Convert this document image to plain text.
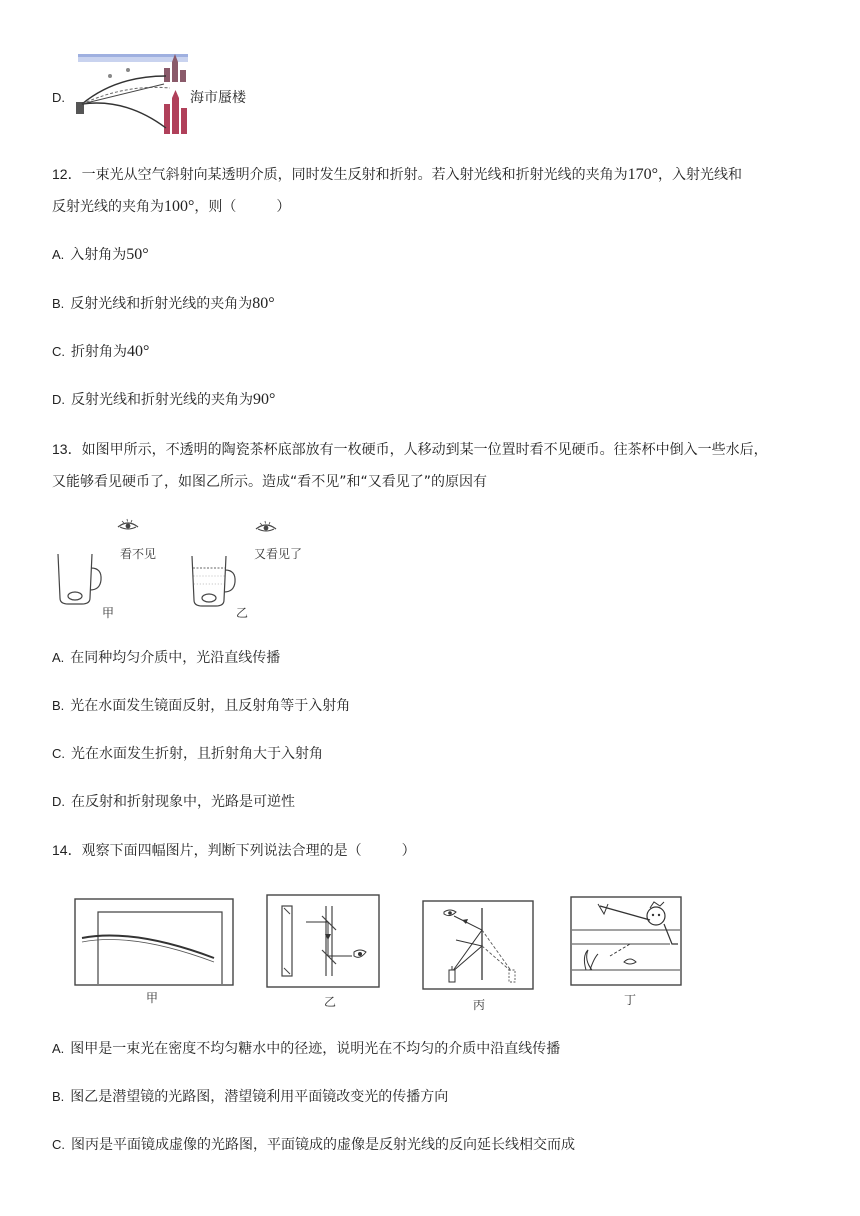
D.	海市蜃楼
12．一束光从空气斜射向某透明介质，同时发生反射和折射。若入射光线和折射光线的夹角为170°，入射光线和
反射光线的夹角为100°，则（	）
A. 入射角为50°
B. 反射光线和折射光线的夹角为80°
C. 折射角为40°
D. 反射光线和折射光线的夹角为90°
13．如图甲所示，不透明的陶瓷茶杯底部放有一枚硬币，人移动到某一位置时看不见硬币。往茶杯中倒入一些水后，
又能够看见硬币了，如图乙所示。造成“看不见”和“又看见了”的原因有
看不见
甲
又看见了
乙
A. 在同种均匀介质中，光沿直线传播
B. 光在水面发生镜面反射，且反射角等于入射角
C. 光在水面发生折射，且折射角大于入射角
D. 在反射和折射现象中，光路是可逆性
14．观察下面四幅图片，判断下列说法合理的是（	）
甲	乙	丙	丁
A. 图甲是一束光在密度不均匀糖水中的径迹，说明光在不均匀的介质中沿直线传播
B. 图乙是潜望镜的光路图，潜望镜利用平面镜改变光的传播方向
C. 图丙是平面镜成虚像的光路图，平面镜成的虚像是反射光线的反向延长线相交而成
